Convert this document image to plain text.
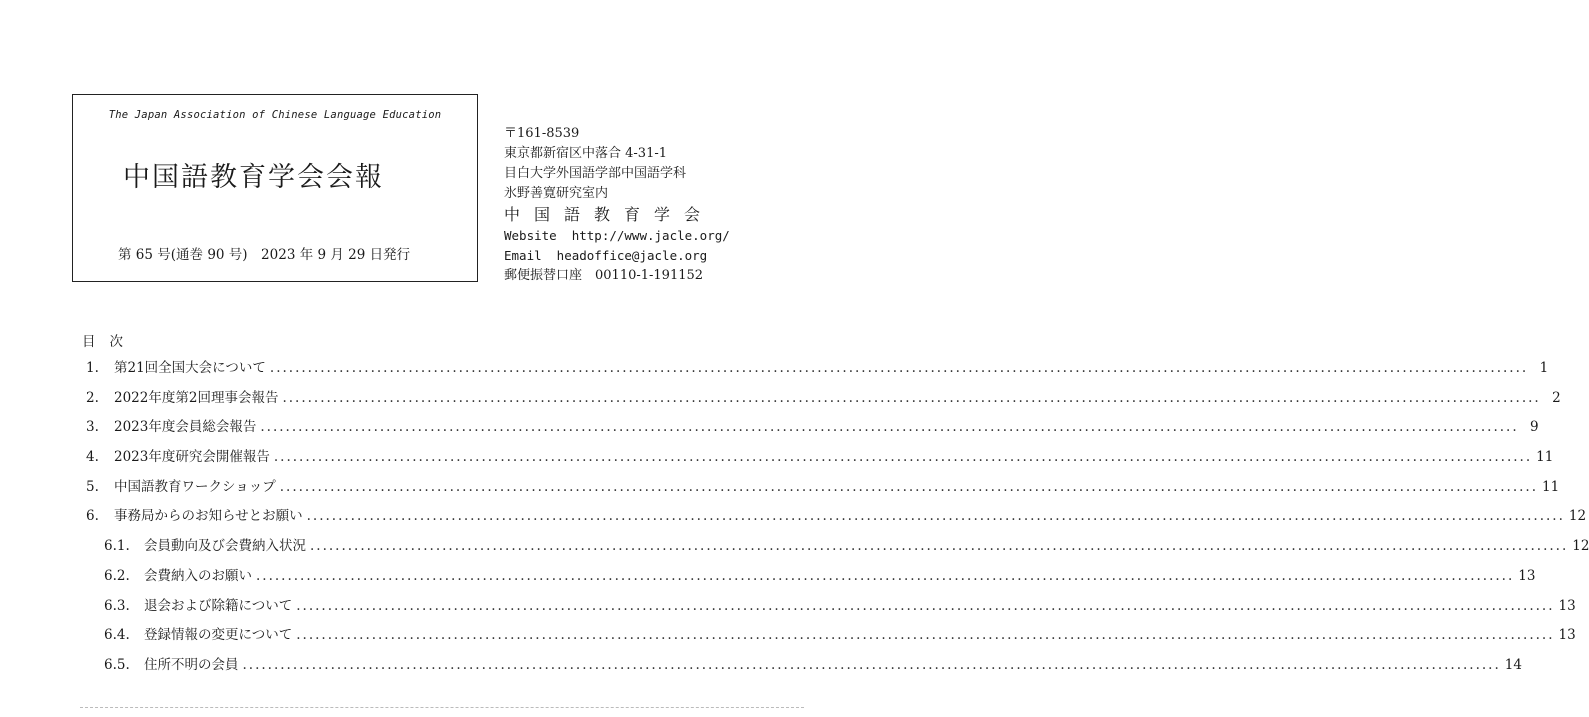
The Japan Association of Chinese Language Education
中国語教育学会会報
第 65 号(通巻 90 号)　2023 年 9 月 29 日発行
〒161-8539
東京都新宿区中落合 4-31-1
目白大学外国語学部中国語学科
氷野善寛研究室内
中国語教育学会
Website  http://www.jacle.org/
Email  headoffice@jacle.org
郵便振替口座　00110-1-191152
目次
1.	第21回全国大会について ........................................................................................................................................................................................................ 1
2.	2022年度第2回理事会報告 ........................................................................................................................................................................................................ 2
3.	2023年度会員総会報告 ........................................................................................................................................................................................................ 9
4.	2023年度研究会開催報告 ........................................................................................................................................................................................................ 11
5.	中国語教育ワークショップ ........................................................................................................................................................................................................ 11
6.	事務局からのお知らせとお願い ........................................................................................................................................................................................................ 12
6.1.	会員動向及び会費納入状況 ........................................................................................................................................................................................................ 12
6.2.	会費納入のお願い ........................................................................................................................................................................................................ 13
6.3.	退会および除籍について ........................................................................................................................................................................................................ 13
6.4.	登録情報の変更について ........................................................................................................................................................................................................ 13
6.5.	住所不明の会員 ........................................................................................................................................................................................................ 14
